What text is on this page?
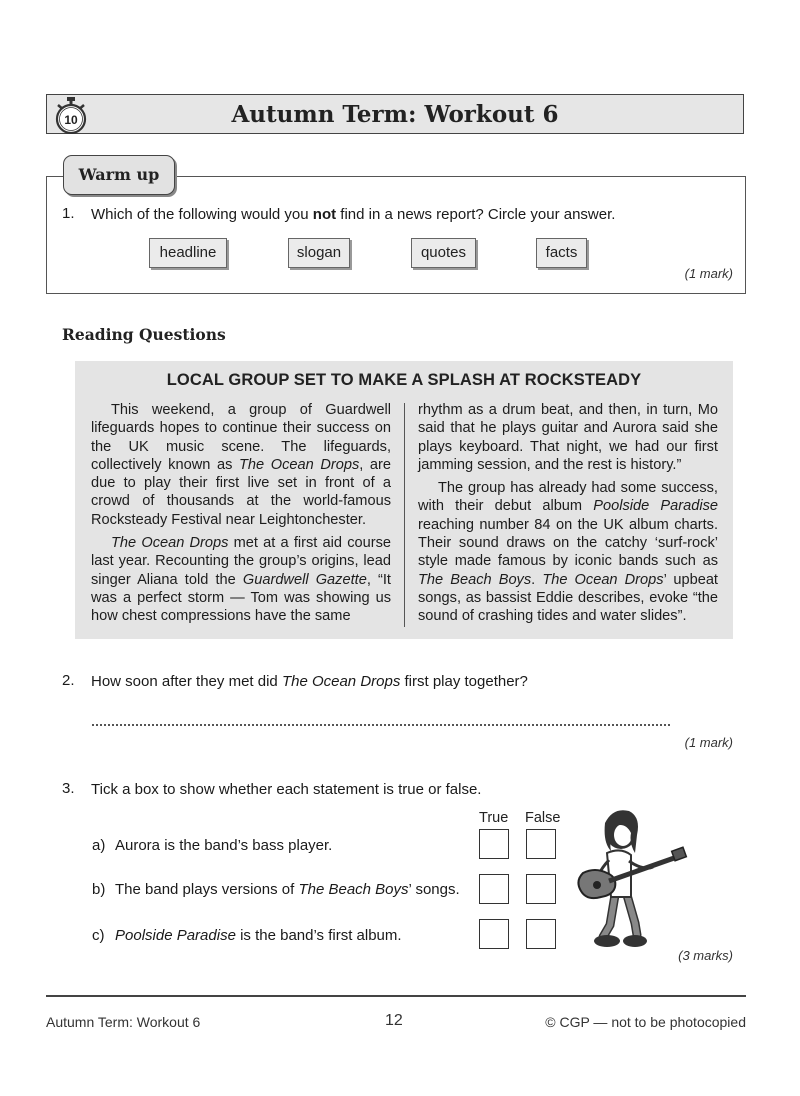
Autumn Term: Workout 6
10
Warm up
1. Which of the following would you not find in a news report? Circle your answer.
headline	slogan	quotes	facts
(1 mark)
Reading Questions
LOCAL GROUP SET TO MAKE A SPLASH AT ROCKSTEADY

This weekend, a group of Guardwell lifeguards hopes to continue their success on the UK music scene. The lifeguards, collectively known as The Ocean Drops, are due to play their first live set in front of a crowd of thousands at the world-famous Rocksteady Festival near Leightonchester.

The Ocean Drops met at a first aid course last year. Recounting the group’s origins, lead singer Aliana told the Guardwell Gazette, “It was a perfect storm — Tom was showing us how chest compressions have the same

rhythm as a drum beat, and then, in turn, Mo said that he plays guitar and Aurora said she plays keyboard. That night, we had our first jamming session, and the rest is history.”

The group has already had some success, with their debut album Poolside Paradise reaching number 84 on the UK album charts. Their sound draws on the catchy ‘surf-rock’ style made famous by iconic bands such as The Beach Boys. The Ocean Drops’ upbeat songs, as bassist Eddie describes, evoke “the sound of crashing tides and water slides”.

2. How soon after they met did The Ocean Drops first play together?
(1 mark)
3. Tick a box to show whether each statement is true or false.
True False
a) Aurora is the band’s bass player.
b) The band plays versions of The Beach Boys’ songs.
c) Poolside Paradise is the band’s first album.
(3 marks)
Autumn Term: Workout 6	12	© CGP — not to be photocopied
